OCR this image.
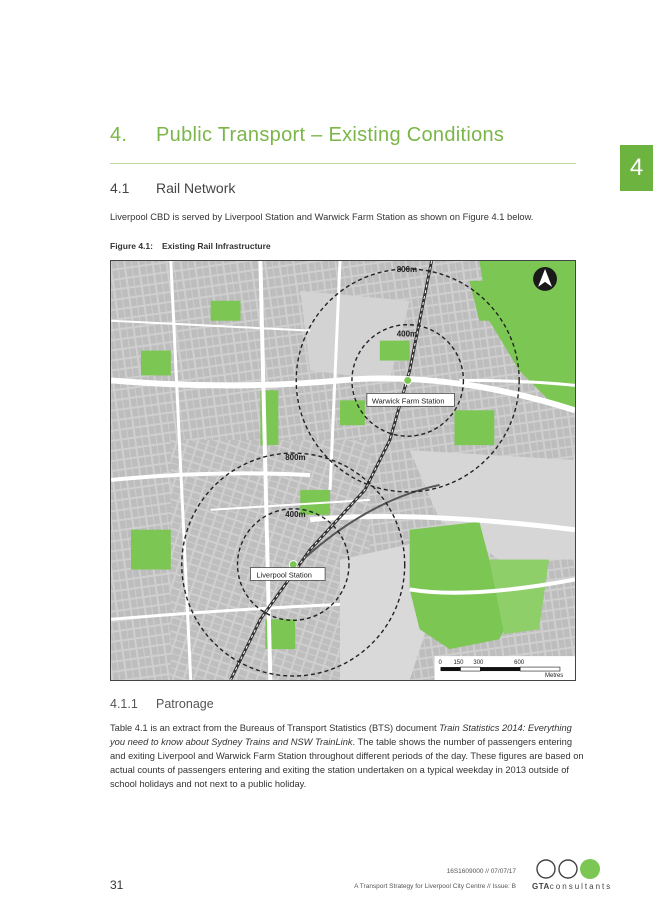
4. Public Transport – Existing Conditions
4
4.1 Rail Network
Liverpool CBD is served by Liverpool Station and Warwick Farm Station as shown on Figure 4.1 below.
Figure 4.1: Existing Rail Infrastructure
800m
400m
800m
400m
Warwick Farm Station
Liverpool Station
0 150 300	600
Metres
4.1.1 Patronage
Table 4.1 is an extract from the Bureaus of Transport Statistics (BTS) document Train Statistics 2014: Everything you need to know about Sydney Trains and NSW TrainLink. The table shows the number of passengers entering and exiting Liverpool and Warwick Farm Station throughout different periods of the day. These figures are based on actual counts of passengers entering and exiting the station undertaken on a typical weekday in 2013 outside of school holidays and not next to a public holiday.
16S1609000 // 07/07/17
A Transport Strategy for Liverpool City Centre // Issue: B
31	GTAconsultants
